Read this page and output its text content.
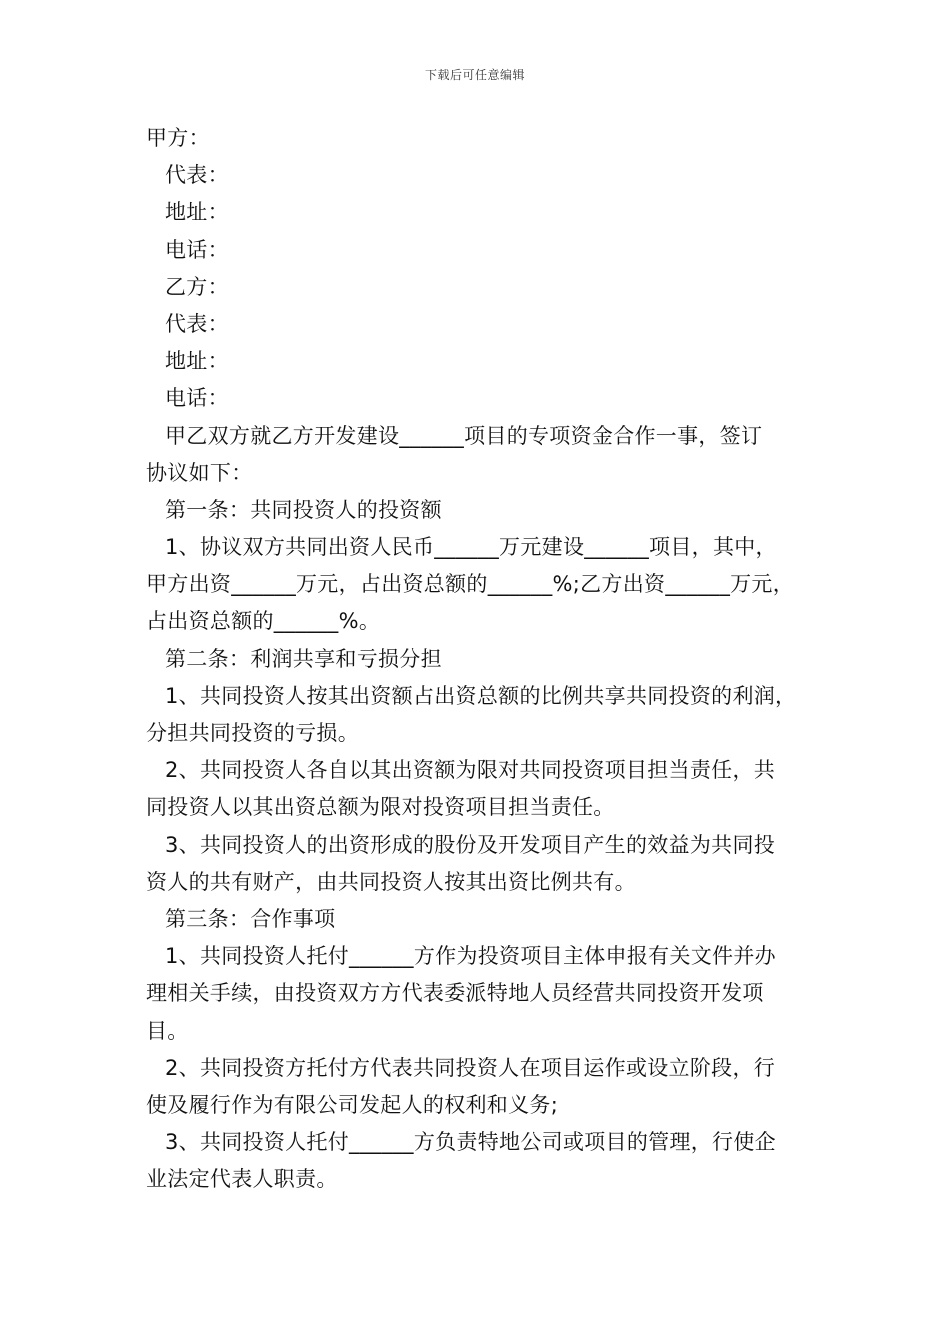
下载后可任意编辑
甲方：
代表：
地址：
电话：
乙方：
代表：
地址：
电话：
甲乙双方就乙方开发建设______项目的专项资金合作一事，签订
协议如下：
第一条：共同投资人的投资额
1、协议双方共同出资人民币______万元建设______项目，其中，
甲方出资______万元，占出资总额的______%;乙方出资______万元，
占出资总额的______%。
第二条：利润共享和亏损分担
1、共同投资人按其出资额占出资总额的比例共享共同投资的利润，
分担共同投资的亏损。
2、共同投资人各自以其出资额为限对共同投资项目担当责任，共
同投资人以其出资总额为限对投资项目担当责任。
3、共同投资人的出资形成的股份及开发项目产生的效益为共同投
资人的共有财产，由共同投资人按其出资比例共有。
第三条：合作事项
1、共同投资人托付______方作为投资项目主体申报有关文件并办
理相关手续，由投资双方方代表委派特地人员经营共同投资开发项
目。
2、共同投资方托付方代表共同投资人在项目运作或设立阶段，行
使及履行作为有限公司发起人的权利和义务;
3、共同投资人托付______方负责特地公司或项目的管理，行使企
业法定代表人职责。
